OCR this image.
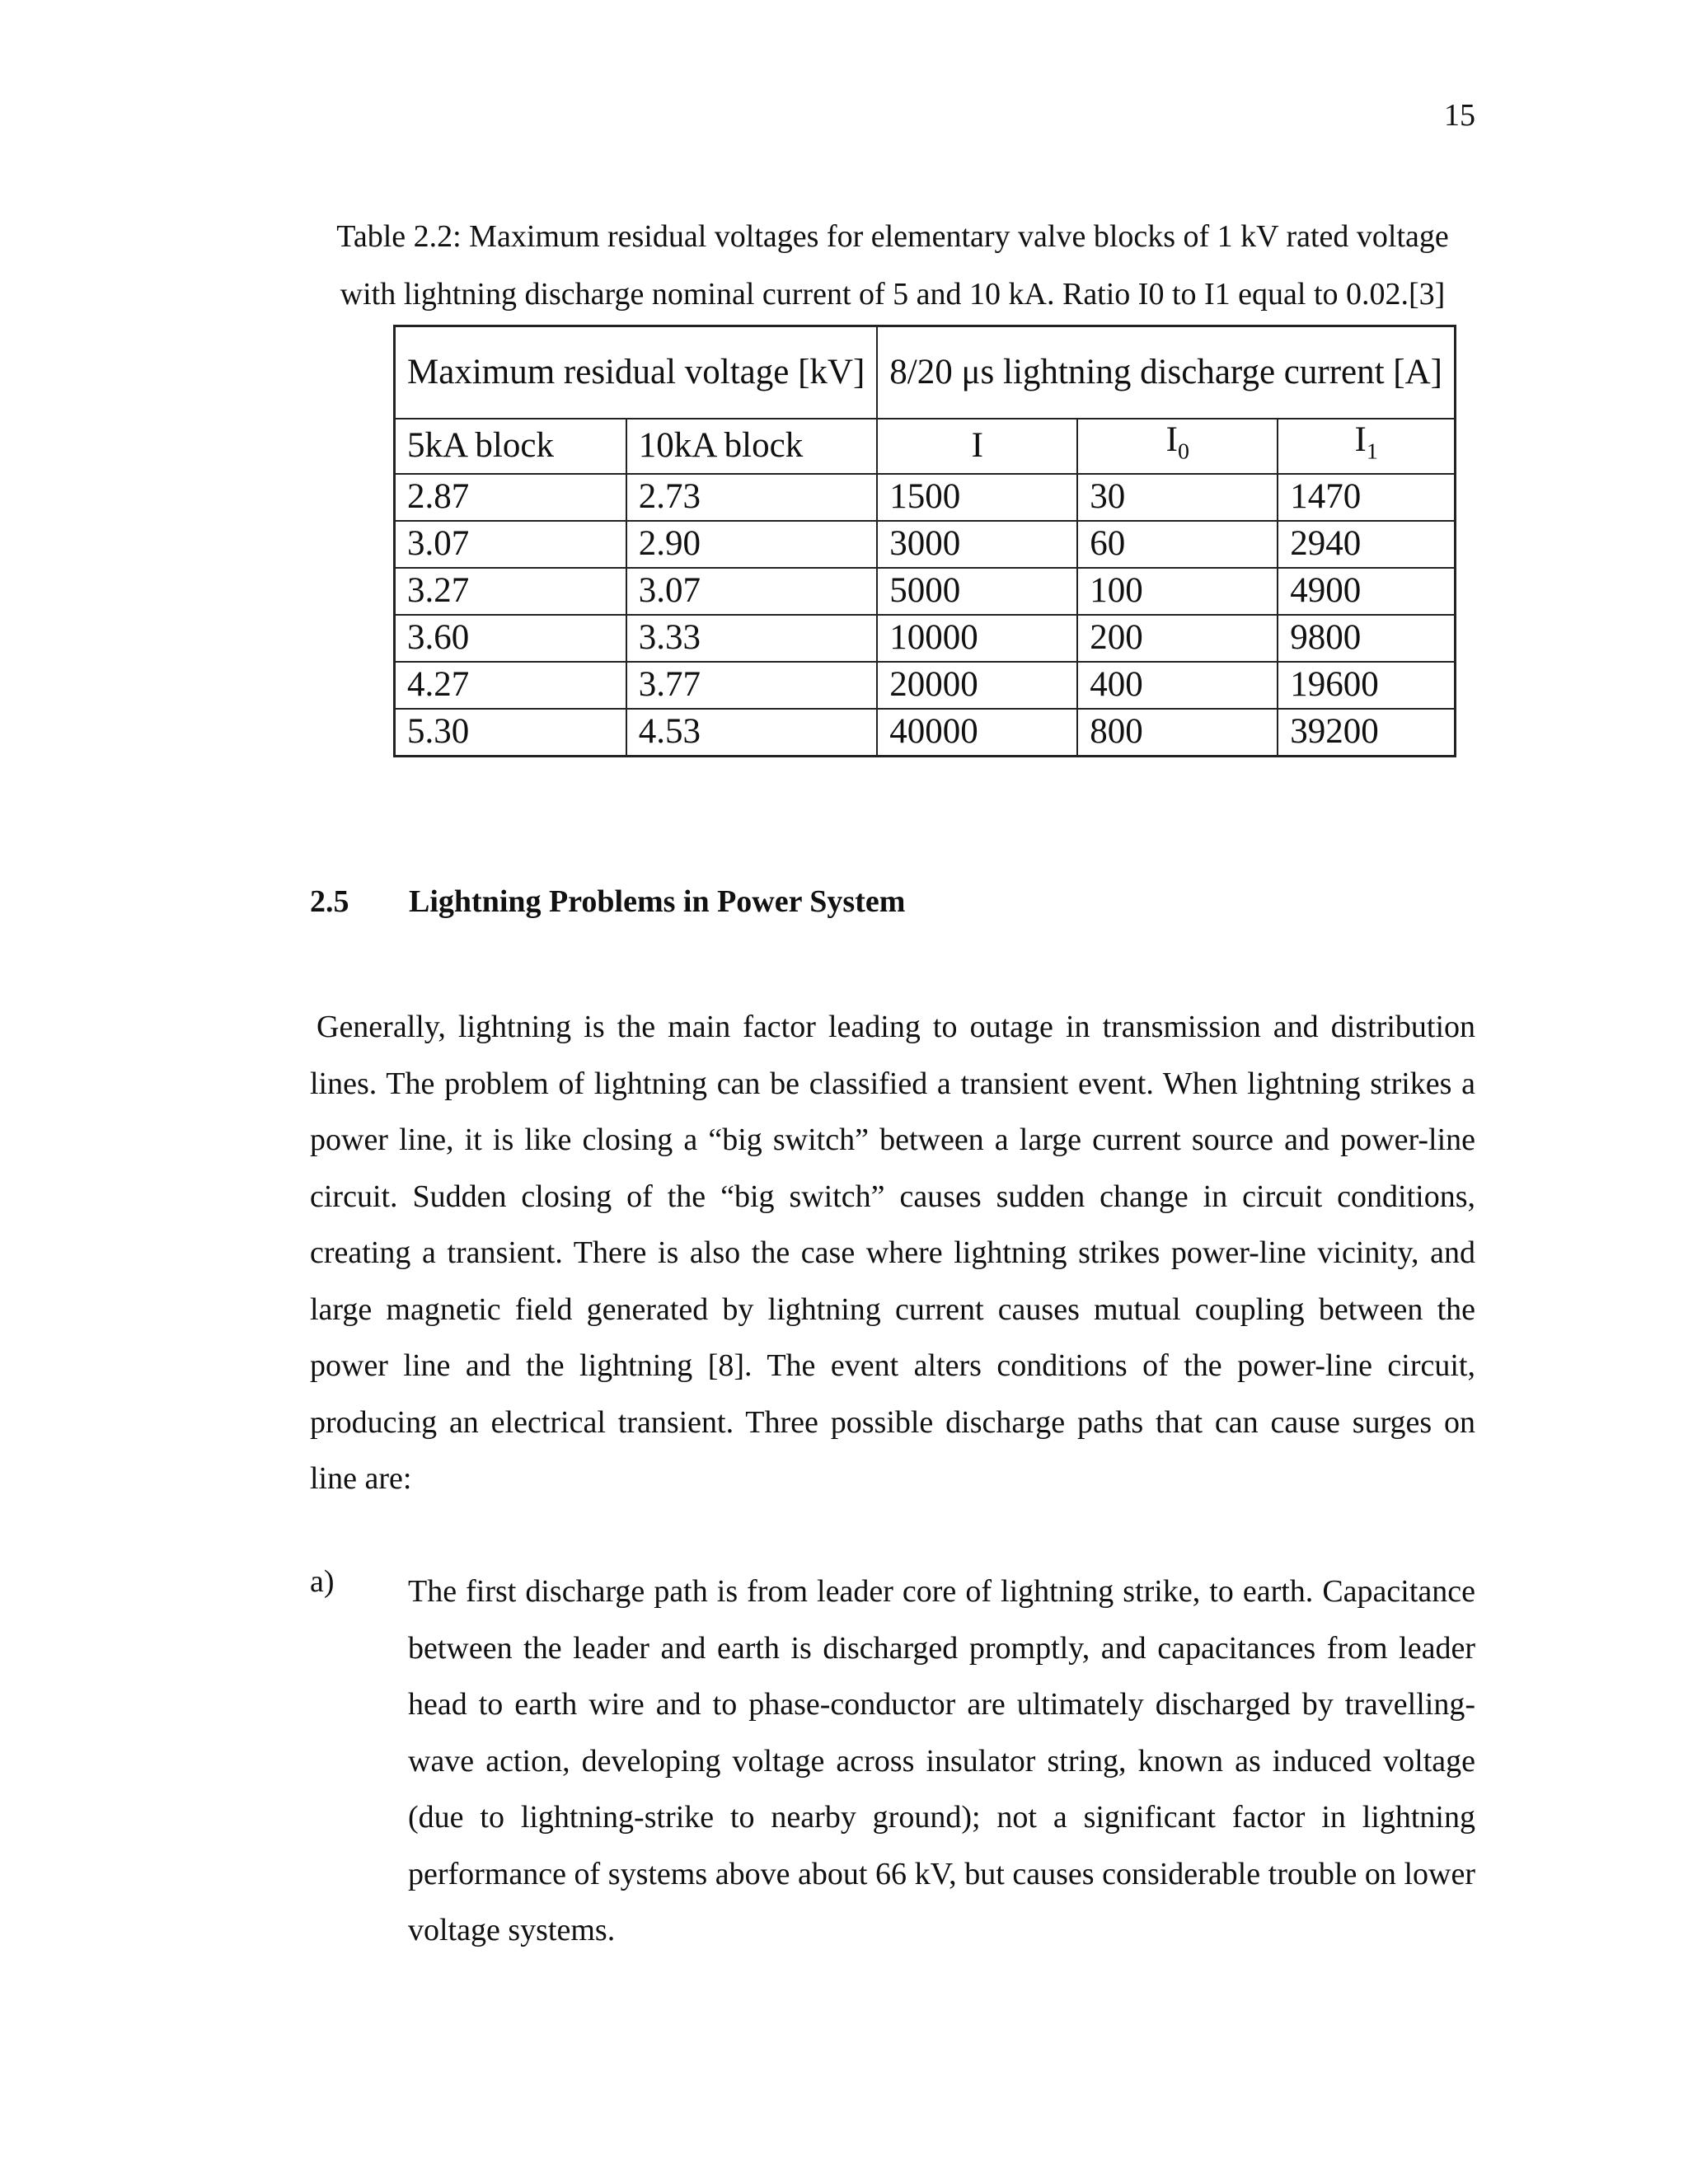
15
Table 2.2: Maximum residual voltages for elementary valve blocks of 1 kV rated voltage with lightning discharge nominal current of 5 and 10 kA. Ratio I0 to I1 equal to 0.02.[3]
Maximum residual voltage [kV]		8/20 μs lightning discharge current [A]		
5kA block	10kA block	I	$I_0$	$I_1$
2.87	2.73	1500	30	1470
3.07	2.90	3000	60	2940
3.27	3.07	5000	100	4900
3.60	3.33	10000	200	9800
4.27	3.77	20000	400	19600
5.30	4.53	40000	800	39200
2.5 Lightning Problems in Power System
Generally, lightning is the main factor leading to outage in transmission and distribution lines. The problem of lightning can be classified a transient event. When lightning strikes a power line, it is like closing a “big switch” between a large current source and power-line circuit. Sudden closing of the “big switch” causes sudden change in circuit conditions, creating a transient. There is also the case where lightning strikes power-line vicinity, and large magnetic field generated by lightning current causes mutual coupling between the power line and the lightning [8]. The event alters conditions of the power-line circuit, producing an electrical transient. Three possible discharge paths that can cause surges on line are:
a) The first discharge path is from leader core of lightning strike, to earth. Capacitance between the leader and earth is discharged promptly, and capacitances from leader head to earth wire and to phase-conductor are ultimately discharged by travelling-wave action, developing voltage across insulator string, known as induced voltage (due to lightning-strike to nearby ground); not a significant factor in lightning performance of systems above about 66 kV, but causes considerable trouble on lower voltage systems.
